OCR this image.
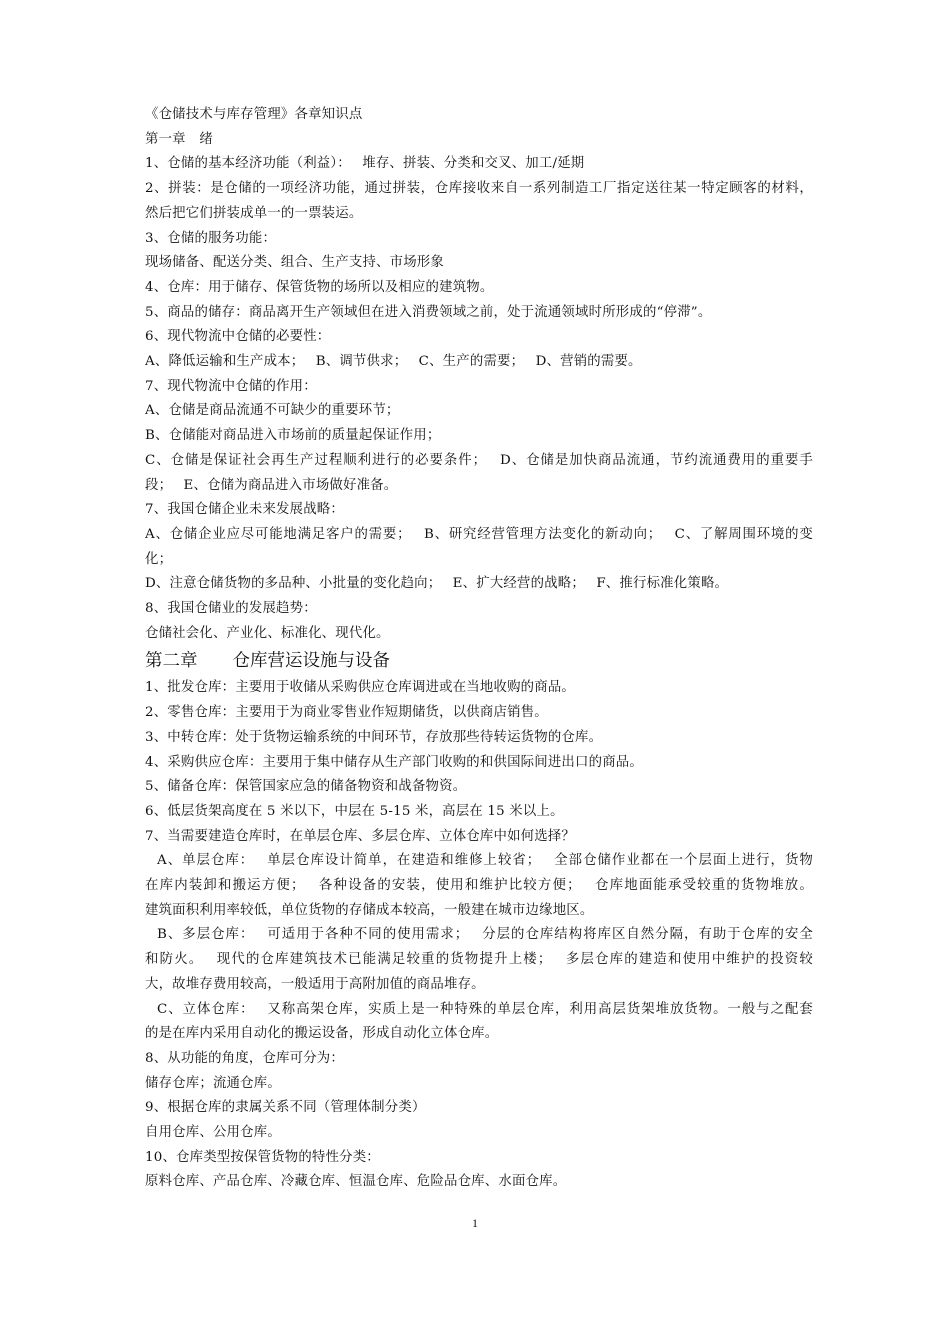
《仓储技术与库存管理》各章知识点
第一章　绪
1、仓储的基本经济功能（利益）：　 堆存、拼装、分类和交叉、加工/延期
2、拼装：是仓储的一项经济功能，通过拼装，仓库接收来自一系列制造工厂指定送往某一特定顾客的材料，
然后把它们拼装成单一的一票装运。
3、仓储的服务功能：
现场储备、配送分类、组合、生产支持、市场形象
4、仓库：用于储存、保管货物的场所以及相应的建筑物。
5、商品的储存：商品离开生产领域但在进入消费领域之前，处于流通领域时所形成的“停滞”。
6、现代物流中仓储的必要性：
A、降低运输和生产成本；　 B、调节供求；　 C、生产的需要；　 D、营销的需要。
7、现代物流中仓储的作用：
A、仓储是商品流通不可缺少的重要环节；
B、仓储能对商品进入市场前的质量起保证作用；
C、仓储是保证社会再生产过程顺利进行的必要条件；　 D、仓储是加快商品流通，节约流通费用的重要手
段；　 E、仓储为商品进入市场做好准备。
7、我国仓储企业未来发展战略：
A、仓储企业应尽可能地满足客户的需要；　 B、研究经营管理方法变化的新动向；　 C、了解周围环境的变
化；
D、注意仓储货物的多品种、小批量的变化趋向；　 E、扩大经营的战略；　 F、推行标准化策略。
8、我国仓储业的发展趋势：
仓储社会化、产业化、标准化、现代化。
第二章　　仓库营运设施与设备
1、批发仓库：主要用于收储从采购供应仓库调进或在当地收购的商品。
2、零售仓库：主要用于为商业零售业作短期储货，以供商店销售。
3、中转仓库：处于货物运输系统的中间环节，存放那些待转运货物的仓库。
4、采购供应仓库：主要用于集中储存从生产部门收购的和供国际间进出口的商品。
5、储备仓库：保管国家应急的储备物资和战备物资。
6、低层货架高度在 5 米以下，中层在 5-15 米，高层在 15 米以上。
7、当需要建造仓库时，在单层仓库、多层仓库、立体仓库中如何选择？
A、单层仓库：　 单层仓库设计简单，在建造和维修上较省；　 全部仓储作业都在一个层面上进行，货物
在库内装卸和搬运方便；　 各种设备的安装，使用和维护比较方便；　 仓库地面能承受较重的货物堆放。
建筑面积利用率较低，单位货物的存储成本较高，一般建在城市边缘地区。
B、多层仓库：　 可适用于各种不同的使用需求；　 分层的仓库结构将库区自然分隔，有助于仓库的安全
和防火。　 现代的仓库建筑技术已能满足较重的货物提升上楼；　 多层仓库的建造和使用中维护的投资较
大，故堆存费用较高，一般适用于高附加值的商品堆存。
C、立体仓库：　 又称高架仓库，实质上是一种特殊的单层仓库，利用高层货架堆放货物。一般与之配套
的是在库内采用自动化的搬运设备，形成自动化立体仓库。
8、从功能的角度，仓库可分为：
储存仓库；流通仓库。
9、根据仓库的隶属关系不同（管理体制分类）
自用仓库、公用仓库。
10、仓库类型按保管货物的特性分类：
原料仓库、产品仓库、冷藏仓库、恒温仓库、危险品仓库、水面仓库。
1
